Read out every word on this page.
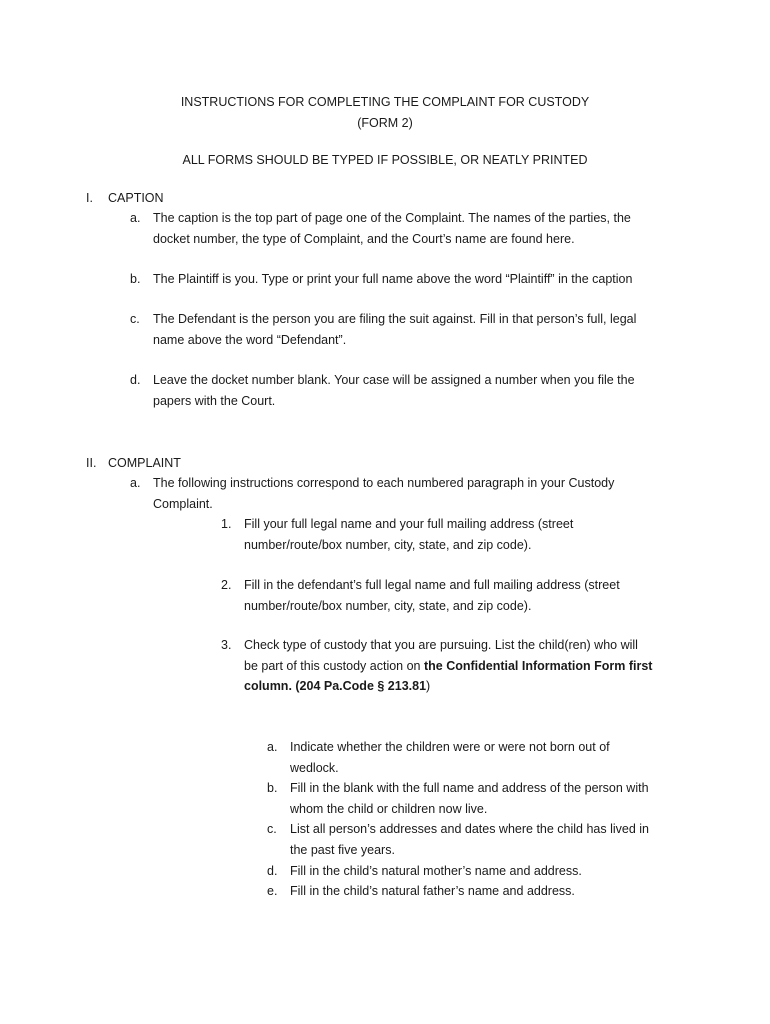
INSTRUCTIONS FOR COMPLETING THE COMPLAINT FOR CUSTODY
(FORM 2)
ALL FORMS SHOULD BE TYPED IF POSSIBLE, OR NEATLY PRINTED
I. CAPTION
a. The caption is the top part of page one of the Complaint. The names of the parties, the
docket number, the type of Complaint, and the Court’s name are found here.
b. The Plaintiff is you. Type or print your full name above the word “Plaintiff” in the caption
c. The Defendant is the person you are filing the suit against. Fill in that person’s full, legal
name above the word “Defendant”.
d. Leave the docket number blank. Your case will be assigned a number when you file the
papers with the Court.
II. COMPLAINT
a. The following instructions correspond to each numbered paragraph in your Custody
Complaint.
1. Fill your full legal name and your full mailing address (street
number/route/box number, city, state, and zip code).
2. Fill in the defendant’s full legal name and full mailing address (street
number/route/box number, city, state, and zip code).
3. Check type of custody that you are pursuing. List the child(ren) who will
be part of this custody action on the Confidential Information Form first
column. (204 Pa.Code § 213.81)
a. Indicate whether the children were or were not born out of
wedlock.
b. Fill in the blank with the full name and address of the person with
whom the child or children now live.
c. List all person’s addresses and dates where the child has lived in
the past five years.
d. Fill in the child’s natural mother’s name and address.
e. Fill in the child’s natural father’s name and address.
